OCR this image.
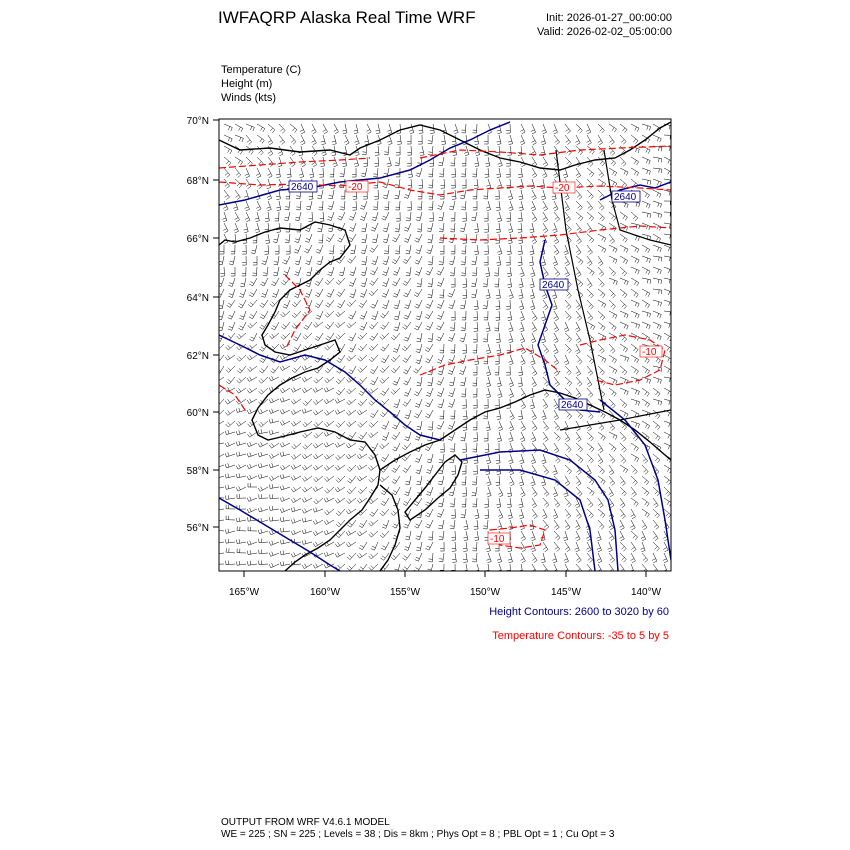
IWFAQRP Alaska Real Time WRF	Init: 2026-01-27_00:00:00
Valid: 2026-02-02_05:00:00
Temperature (C)
Height (m)
Winds (kts)
2640
2640
2640
2640
-20	-20
-10
-10
70°N
68°N
66°N
64°N
62°N
60°N
58°N
56°N
165°W	160°W	155°W	150°W	145°W	140°W
Height Contours: 2600 to 3020 by 60
Temperature Contours: -35 to 5 by 5
OUTPUT FROM WRF V4.6.1 MODEL
WE = 225 ; SN = 225 ; Levels = 38 ; Dis = 8km ; Phys Opt = 8 ; PBL Opt = 1 ; Cu Opt = 3
